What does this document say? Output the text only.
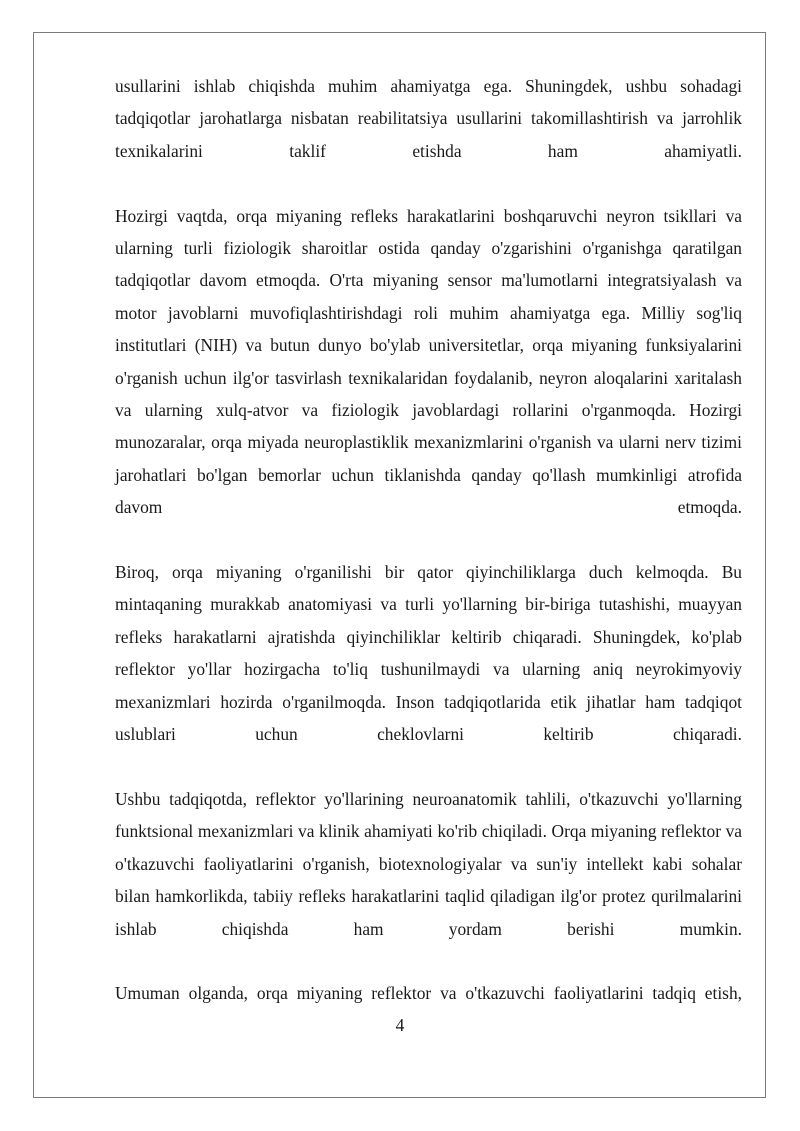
usullarini ishlab chiqishda muhim ahamiyatga ega. Shuningdek, ushbu sohadagi tadqiqotlar jarohatlarga nisbatan reabilitatsiya usullarini takomillashtirish va jarrohlik texnikalarini taklif etishda ham ahamiyatli.

Hozirgi vaqtda, orqa miyaning refleks harakatlarini boshqaruvchi neyron tsikllari va ularning turli fiziologik sharoitlar ostida qanday o'zgarishini o'rganishga qaratilgan tadqiqotlar davom etmoqda. O'rta miyaning sensor ma'lumotlarni integratsiyalash va motor javoblarni muvofiqlashtirishdagi roli muhim ahamiyatga ega. Milliy sog'liq institutlari (NIH) va butun dunyo bo'ylab universitetlar, orqa miyaning funksiyalarini o'rganish uchun ilg'or tasvirlash texnikalaridan foydalanib, neyron aloqalarini xaritalash va ularning xulq-atvor va fiziologik javoblardagi rollarini o'rganmoqda. Hozirgi munozaralar, orqa miyada neuroplastiklik mexanizmlarini o'rganish va ularni nerv tizimi jarohatlari bo'lgan bemorlar uchun tiklanishda qanday qo'llash mumkinligi atrofida davom etmoqda.

Biroq, orqa miyaning o'rganilishi bir qator qiyinchiliklarga duch kelmoqda. Bu mintaqaning murakkab anatomiyasi va turli yo'llarning bir-biriga tutashishi, muayyan refleks harakatlarni ajratishda qiyinchiliklar keltirib chiqaradi. Shuningdek, ko'plab reflektor yo'llar hozirgacha to'liq tushunilmaydi va ularning aniq neyrokimyoviy mexanizmlari hozirda o'rganilmoqda. Inson tadqiqotlarida etik jihatlar ham tadqiqot uslublari uchun cheklovlarni keltirib chiqaradi.

Ushbu tadqiqotda, reflektor yo'llarining neuroanatomik tahlili, o'tkazuvchi yo'llarning funktsional mexanizmlari va klinik ahamiyati ko'rib chiqiladi. Orqa miyaning reflektor va o'tkazuvchi faoliyatlarini o'rganish, biotexnologiyalar va sun'iy intellekt kabi sohalar bilan hamkorlikda, tabiiy refleks harakatlarini taqlid qiladigan ilg'or protez qurilmalarini ishlab chiqishda ham yordam berishi mumkin.

Umuman olganda, orqa miyaning reflektor va o'tkazuvchi faoliyatlarini tadqiq etish,

4
